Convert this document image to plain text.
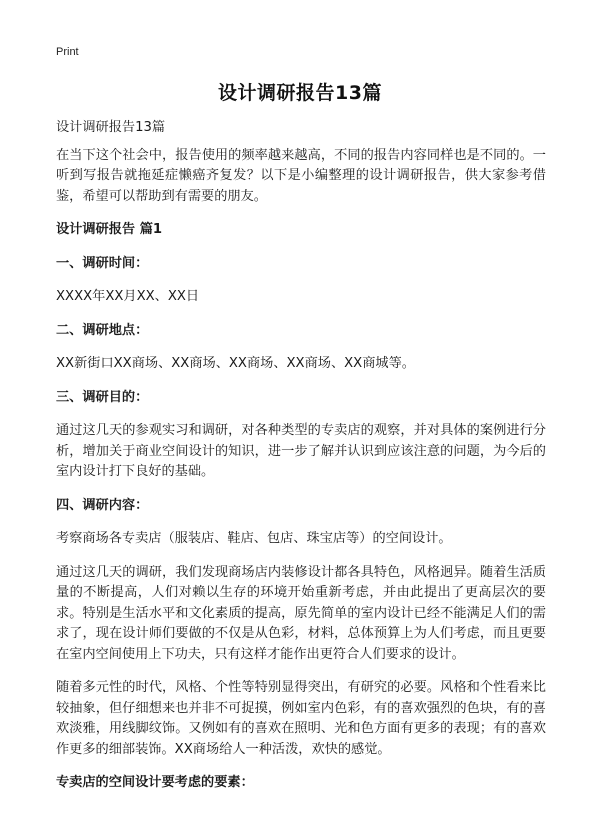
Print
设计调研报告13篇

设计调研报告13篇

在当下这个社会中，报告使用的频率越来越高，不同的报告内容同样也是不同的。一听到写报告就拖延症懒癌齐复发？以下是小编整理的设计调研报告，供大家参考借鉴，希望可以帮助到有需要的朋友。

设计调研报告 篇1
一、调研时间：

XXXX年XX月XX、XX日

二、调研地点：

XX新街口XX商场、XX商场、XX商场、XX商场、XX商城等。

三、调研目的：

通过这几天的参观实习和调研，对各种类型的专卖店的观察，并对具体的案例进行分析，增加关于商业空间设计的知识，进一步了解并认识到应该注意的问题，为今后的室内设计打下良好的基础。

四、调研内容：

考察商场各专卖店（服装店、鞋店、包店、珠宝店等）的空间设计。

通过这几天的调研，我们发现商场店内装修设计都各具特色，风格迥异。随着生活质量的不断提高，人们对赖以生存的环境开始重新考虑，并由此提出了更高层次的要求。特别是生活水平和文化素质的提高，原先简单的室内设计已经不能满足人们的需求了，现在设计师们要做的不仅是从色彩，材料，总体预算上为人们考虑，而且更要在室内空间使用上下功夫，只有这样才能作出更符合人们要求的设计。

随着多元性的时代，风格、个性等特别显得突出，有研究的必要。风格和个性看来比较抽象，但仔细想来也并非不可捉摸，例如室内色彩，有的喜欢强烈的色块，有的喜欢淡雅，用线脚纹饰。又例如有的喜欢在照明、光和色方面有更多的表现；有的喜欢作更多的细部装饰。XX商场给人一种活泼，欢快的感觉。

专卖店的空间设计要考虑的要素：
